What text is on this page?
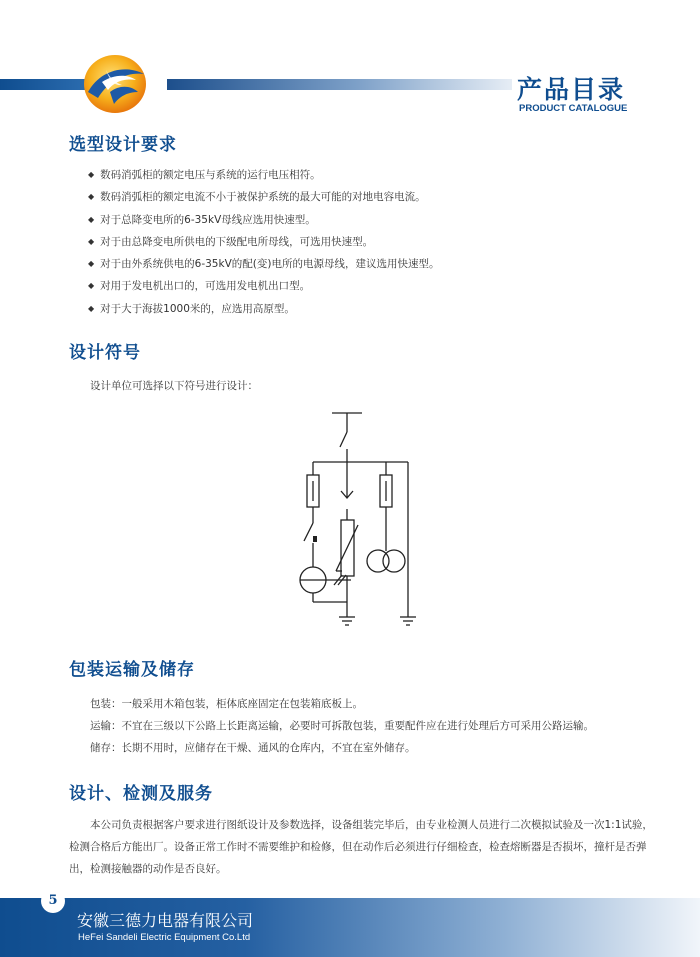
产品目录
PRODUCT CATALOGUE
选型设计要求
◆ 数码消弧柜的额定电压与系统的运行电压相符。
◆ 数码消弧柜的额定电流不小于被保护系统的最大可能的对地电容电流。
◆ 对于总降变电所的6-35kV母线应选用快速型。
◆ 对于由总降变电所供电的下级配电所母线，可选用快速型。
◆ 对于由外系统供电的6-35kV的配(变)电所的电源母线，建议选用快速型。
◆ 对用于发电机出口的，可选用发电机出口型。
◆ 对于大于海拔1000米的，应选用高原型。
设计符号
设计单位可选择以下符号进行设计：
包装运输及储存
包装：一般采用木箱包装，柜体底座固定在包装箱底板上。
运输：不宜在三级以下公路上长距离运输，必要时可拆散包装，重要配件应在进行处理后方可采用公路运输。
储存：长期不用时，应储存在干燥、通风的仓库内，不宜在室外储存。
设计、检测及服务

本公司负责根据客户要求进行图纸设计及参数选择，设备组装完毕后，由专业检测人员进行二次模拟试验及一次1:1试验，检测合格后方能出厂。设备正常工作时不需要维护和检修，但在动作后必须进行仔细检查，检查熔断器是否损坏，撞杆是否弹出，检测接触器的动作是否良好。

5
安徽三德力电器有限公司
HeFei Sandeli Electric Equipment Co.Ltd
